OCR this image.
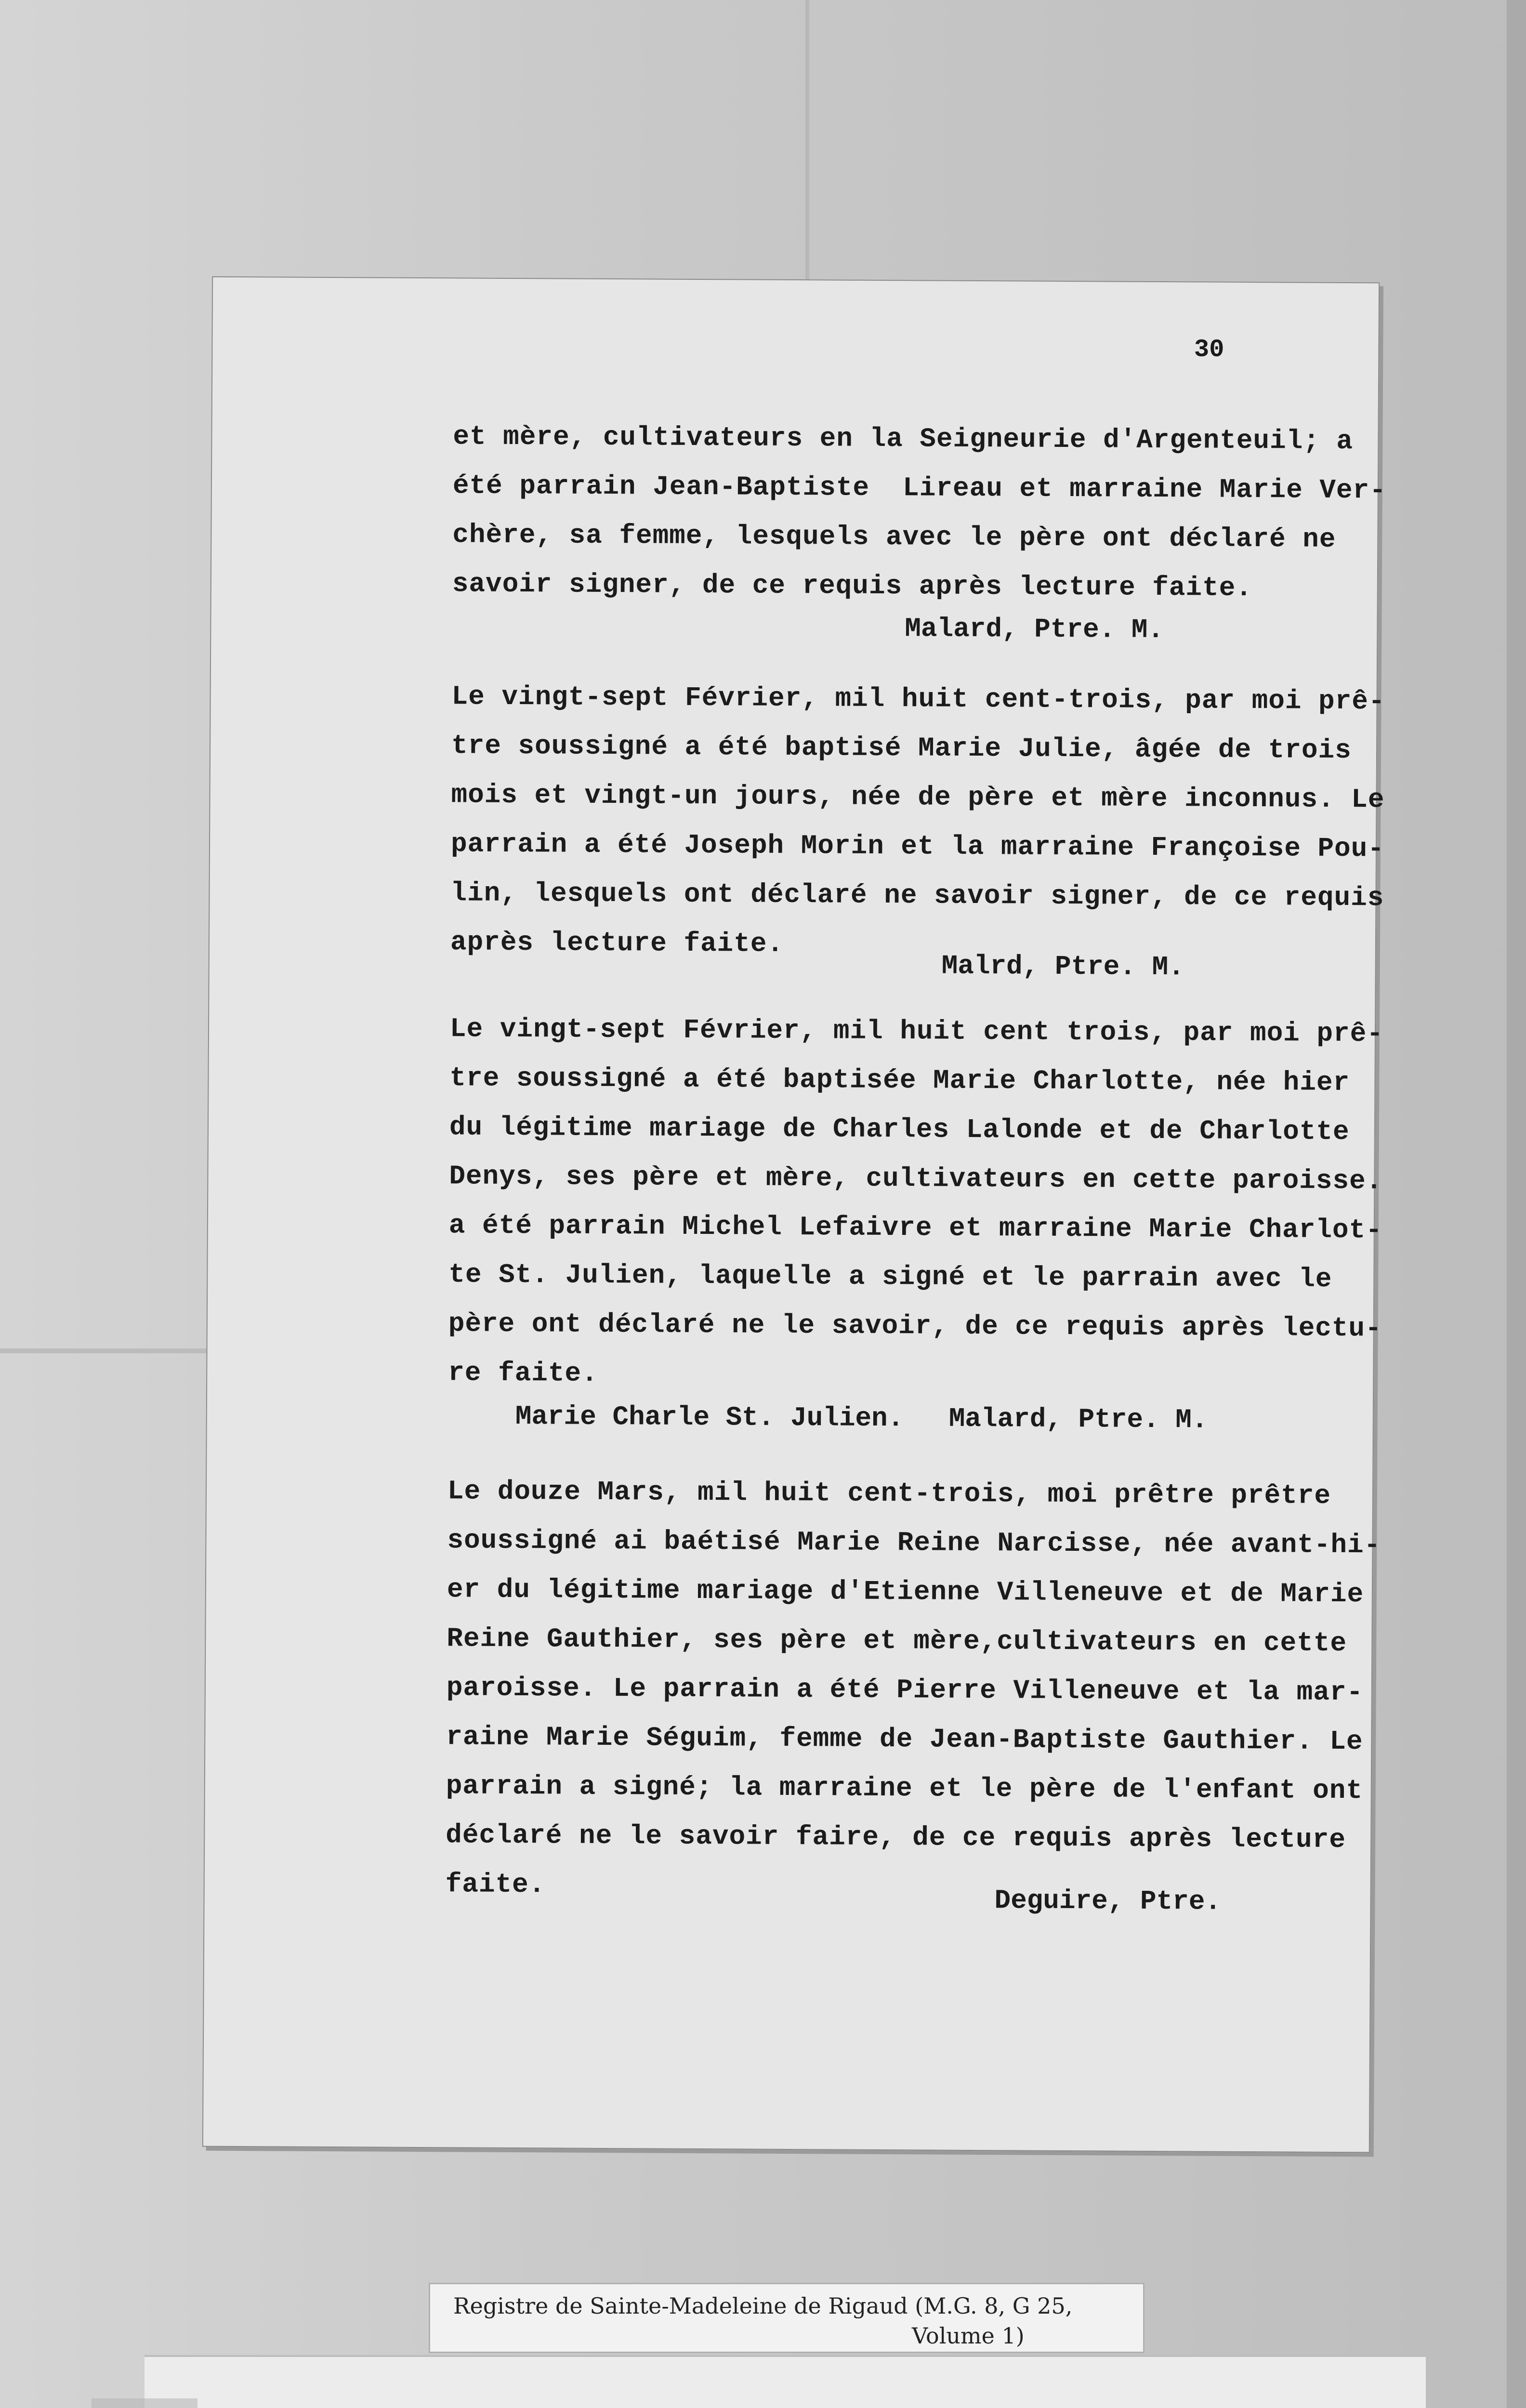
30
et mère, cultivateurs en la Seigneurie d'Argenteuil; a
été parrain Jean-Baptiste  Lireau et marraine Marie Ver-
chère, sa femme, lesquels avec le père ont déclaré ne
savoir signer, de ce requis après lecture faite.
Malard, Ptre. M.
Le vingt-sept Février, mil huit cent-trois, par moi prê-
tre soussigné a été baptisé Marie Julie, âgée de trois
mois et vingt-un jours, née de père et mère inconnus. Le
parrain a été Joseph Morin et la marraine Françoise Pou-
lin, lesquels ont déclaré ne savoir signer, de ce requis
après lecture faite.
Malrd, Ptre. M.
Le vingt-sept Février, mil huit cent trois, par moi prê-
tre soussigné a été baptisée Marie Charlotte, née hier
du légitime mariage de Charles Lalonde et de Charlotte
Denys, ses père et mère, cultivateurs en cette paroisse.
a été parrain Michel Lefaivre et marraine Marie Charlot-
te St. Julien, laquelle a signé et le parrain avec le
père ont déclaré ne le savoir, de ce requis après lectu-
re faite.
Marie Charle St. Julien. Malard, Ptre. M.
Le douze Mars, mil huit cent-trois, moi prêtre prêtre
soussigné ai baétisé Marie Reine Narcisse, née avant-hi-
er du légitime mariage d'Etienne Villeneuve et de Marie
Reine Gauthier, ses père et mère,cultivateurs en cette
paroisse. Le parrain a été Pierre Villeneuve et la mar-
raine Marie Séguim, femme de Jean-Baptiste Gauthier. Le
parrain a signé; la marraine et le père de l'enfant ont
déclaré ne le savoir faire, de ce requis après lecture
faite.
Deguire, Ptre.
Registre de Sainte-Madeleine de Rigaud (M.G. 8, G 25,
Volume 1)
